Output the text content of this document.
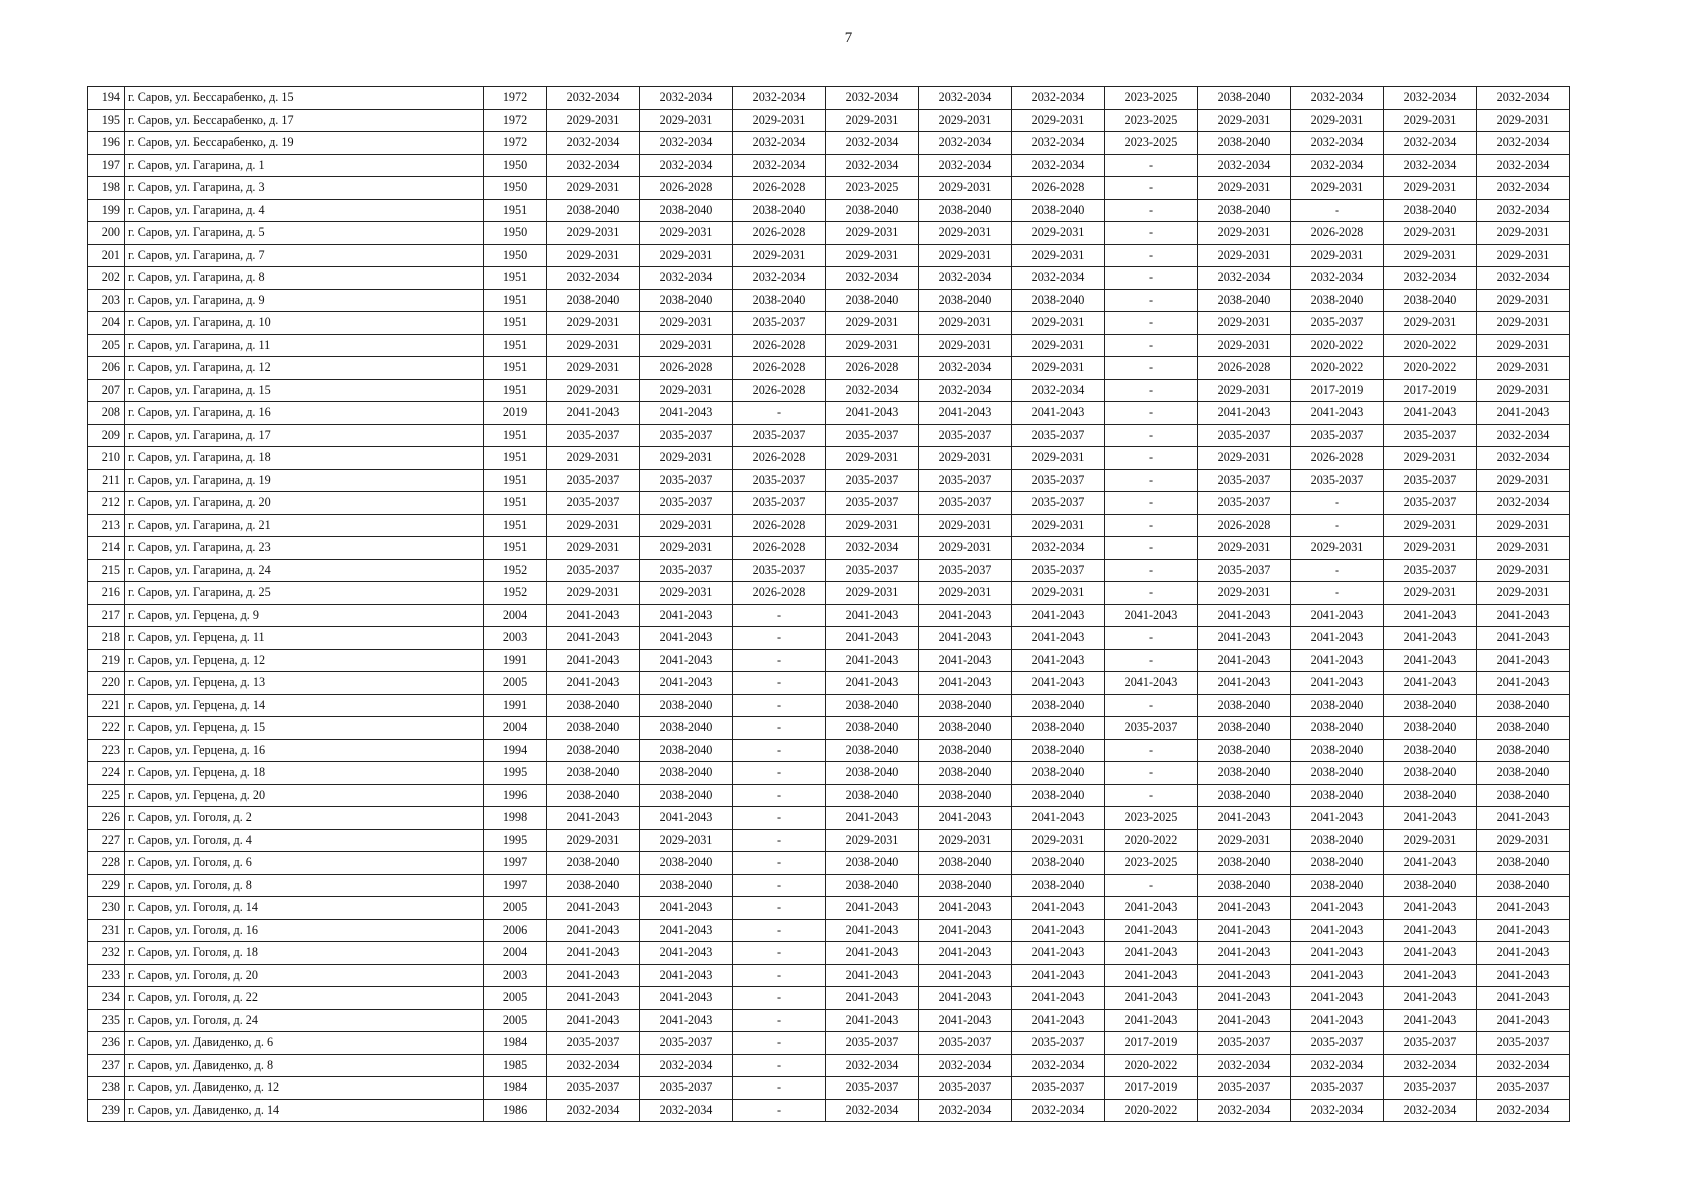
7
194	г. Саров, ул. Бессарабенко, д. 15	1972	2032-2034	2032-2034	2032-2034	2032-2034	2032-2034	2032-2034	2023-2025	2038-2040	2032-2034	2032-2034	2032-2034
195	г. Саров, ул. Бессарабенко, д. 17	1972	2029-2031	2029-2031	2029-2031	2029-2031	2029-2031	2029-2031	2023-2025	2029-2031	2029-2031	2029-2031	2029-2031
196	г. Саров, ул. Бессарабенко, д. 19	1972	2032-2034	2032-2034	2032-2034	2032-2034	2032-2034	2032-2034	2023-2025	2038-2040	2032-2034	2032-2034	2032-2034
197	г. Саров, ул. Гагарина, д. 1	1950	2032-2034	2032-2034	2032-2034	2032-2034	2032-2034	2032-2034	-	2032-2034	2032-2034	2032-2034	2032-2034
198	г. Саров, ул. Гагарина, д. 3	1950	2029-2031	2026-2028	2026-2028	2023-2025	2029-2031	2026-2028	-	2029-2031	2029-2031	2029-2031	2032-2034
199	г. Саров, ул. Гагарина, д. 4	1951	2038-2040	2038-2040	2038-2040	2038-2040	2038-2040	2038-2040	-	2038-2040	-	2038-2040	2032-2034
200	г. Саров, ул. Гагарина, д. 5	1950	2029-2031	2029-2031	2026-2028	2029-2031	2029-2031	2029-2031	-	2029-2031	2026-2028	2029-2031	2029-2031
201	г. Саров, ул. Гагарина, д. 7	1950	2029-2031	2029-2031	2029-2031	2029-2031	2029-2031	2029-2031	-	2029-2031	2029-2031	2029-2031	2029-2031
202	г. Саров, ул. Гагарина, д. 8	1951	2032-2034	2032-2034	2032-2034	2032-2034	2032-2034	2032-2034	-	2032-2034	2032-2034	2032-2034	2032-2034
203	г. Саров, ул. Гагарина, д. 9	1951	2038-2040	2038-2040	2038-2040	2038-2040	2038-2040	2038-2040	-	2038-2040	2038-2040	2038-2040	2029-2031
204	г. Саров, ул. Гагарина, д. 10	1951	2029-2031	2029-2031	2035-2037	2029-2031	2029-2031	2029-2031	-	2029-2031	2035-2037	2029-2031	2029-2031
205	г. Саров, ул. Гагарина, д. 11	1951	2029-2031	2029-2031	2026-2028	2029-2031	2029-2031	2029-2031	-	2029-2031	2020-2022	2020-2022	2029-2031
206	г. Саров, ул. Гагарина, д. 12	1951	2029-2031	2026-2028	2026-2028	2026-2028	2032-2034	2029-2031	-	2026-2028	2020-2022	2020-2022	2029-2031
207	г. Саров, ул. Гагарина, д. 15	1951	2029-2031	2029-2031	2026-2028	2032-2034	2032-2034	2032-2034	-	2029-2031	2017-2019	2017-2019	2029-2031
208	г. Саров, ул. Гагарина, д. 16	2019	2041-2043	2041-2043	-	2041-2043	2041-2043	2041-2043	-	2041-2043	2041-2043	2041-2043	2041-2043
209	г. Саров, ул. Гагарина, д. 17	1951	2035-2037	2035-2037	2035-2037	2035-2037	2035-2037	2035-2037	-	2035-2037	2035-2037	2035-2037	2032-2034
210	г. Саров, ул. Гагарина, д. 18	1951	2029-2031	2029-2031	2026-2028	2029-2031	2029-2031	2029-2031	-	2029-2031	2026-2028	2029-2031	2032-2034
211	г. Саров, ул. Гагарина, д. 19	1951	2035-2037	2035-2037	2035-2037	2035-2037	2035-2037	2035-2037	-	2035-2037	2035-2037	2035-2037	2029-2031
212	г. Саров, ул. Гагарина, д. 20	1951	2035-2037	2035-2037	2035-2037	2035-2037	2035-2037	2035-2037	-	2035-2037	-	2035-2037	2032-2034
213	г. Саров, ул. Гагарина, д. 21	1951	2029-2031	2029-2031	2026-2028	2029-2031	2029-2031	2029-2031	-	2026-2028	-	2029-2031	2029-2031
214	г. Саров, ул. Гагарина, д. 23	1951	2029-2031	2029-2031	2026-2028	2032-2034	2029-2031	2032-2034	-	2029-2031	2029-2031	2029-2031	2029-2031
215	г. Саров, ул. Гагарина, д. 24	1952	2035-2037	2035-2037	2035-2037	2035-2037	2035-2037	2035-2037	-	2035-2037	-	2035-2037	2029-2031
216	г. Саров, ул. Гагарина, д. 25	1952	2029-2031	2029-2031	2026-2028	2029-2031	2029-2031	2029-2031	-	2029-2031	-	2029-2031	2029-2031
217	г. Саров, ул. Герцена, д. 9	2004	2041-2043	2041-2043	-	2041-2043	2041-2043	2041-2043	2041-2043	2041-2043	2041-2043	2041-2043	2041-2043
218	г. Саров, ул. Герцена, д. 11	2003	2041-2043	2041-2043	-	2041-2043	2041-2043	2041-2043	-	2041-2043	2041-2043	2041-2043	2041-2043
219	г. Саров, ул. Герцена, д. 12	1991	2041-2043	2041-2043	-	2041-2043	2041-2043	2041-2043	-	2041-2043	2041-2043	2041-2043	2041-2043
220	г. Саров, ул. Герцена, д. 13	2005	2041-2043	2041-2043	-	2041-2043	2041-2043	2041-2043	2041-2043	2041-2043	2041-2043	2041-2043	2041-2043
221	г. Саров, ул. Герцена, д. 14	1991	2038-2040	2038-2040	-	2038-2040	2038-2040	2038-2040	-	2038-2040	2038-2040	2038-2040	2038-2040
222	г. Саров, ул. Герцена, д. 15	2004	2038-2040	2038-2040	-	2038-2040	2038-2040	2038-2040	2035-2037	2038-2040	2038-2040	2038-2040	2038-2040
223	г. Саров, ул. Герцена, д. 16	1994	2038-2040	2038-2040	-	2038-2040	2038-2040	2038-2040	-	2038-2040	2038-2040	2038-2040	2038-2040
224	г. Саров, ул. Герцена, д. 18	1995	2038-2040	2038-2040	-	2038-2040	2038-2040	2038-2040	-	2038-2040	2038-2040	2038-2040	2038-2040
225	г. Саров, ул. Герцена, д. 20	1996	2038-2040	2038-2040	-	2038-2040	2038-2040	2038-2040	-	2038-2040	2038-2040	2038-2040	2038-2040
226	г. Саров, ул. Гоголя, д. 2	1998	2041-2043	2041-2043	-	2041-2043	2041-2043	2041-2043	2023-2025	2041-2043	2041-2043	2041-2043	2041-2043
227	г. Саров, ул. Гоголя, д. 4	1995	2029-2031	2029-2031	-	2029-2031	2029-2031	2029-2031	2020-2022	2029-2031	2038-2040	2029-2031	2029-2031
228	г. Саров, ул. Гоголя, д. 6	1997	2038-2040	2038-2040	-	2038-2040	2038-2040	2038-2040	2023-2025	2038-2040	2038-2040	2041-2043	2038-2040
229	г. Саров, ул. Гоголя, д. 8	1997	2038-2040	2038-2040	-	2038-2040	2038-2040	2038-2040	-	2038-2040	2038-2040	2038-2040	2038-2040
230	г. Саров, ул. Гоголя, д. 14	2005	2041-2043	2041-2043	-	2041-2043	2041-2043	2041-2043	2041-2043	2041-2043	2041-2043	2041-2043	2041-2043
231	г. Саров, ул. Гоголя, д. 16	2006	2041-2043	2041-2043	-	2041-2043	2041-2043	2041-2043	2041-2043	2041-2043	2041-2043	2041-2043	2041-2043
232	г. Саров, ул. Гоголя, д. 18	2004	2041-2043	2041-2043	-	2041-2043	2041-2043	2041-2043	2041-2043	2041-2043	2041-2043	2041-2043	2041-2043
233	г. Саров, ул. Гоголя, д. 20	2003	2041-2043	2041-2043	-	2041-2043	2041-2043	2041-2043	2041-2043	2041-2043	2041-2043	2041-2043	2041-2043
234	г. Саров, ул. Гоголя, д. 22	2005	2041-2043	2041-2043	-	2041-2043	2041-2043	2041-2043	2041-2043	2041-2043	2041-2043	2041-2043	2041-2043
235	г. Саров, ул. Гоголя, д. 24	2005	2041-2043	2041-2043	-	2041-2043	2041-2043	2041-2043	2041-2043	2041-2043	2041-2043	2041-2043	2041-2043
236	г. Саров, ул. Давиденко, д. 6	1984	2035-2037	2035-2037	-	2035-2037	2035-2037	2035-2037	2017-2019	2035-2037	2035-2037	2035-2037	2035-2037
237	г. Саров, ул. Давиденко, д. 8	1985	2032-2034	2032-2034	-	2032-2034	2032-2034	2032-2034	2020-2022	2032-2034	2032-2034	2032-2034	2032-2034
238	г. Саров, ул. Давиденко, д. 12	1984	2035-2037	2035-2037	-	2035-2037	2035-2037	2035-2037	2017-2019	2035-2037	2035-2037	2035-2037	2035-2037
239	г. Саров, ул. Давиденко, д. 14	1986	2032-2034	2032-2034	-	2032-2034	2032-2034	2032-2034	2020-2022	2032-2034	2032-2034	2032-2034	2032-2034
